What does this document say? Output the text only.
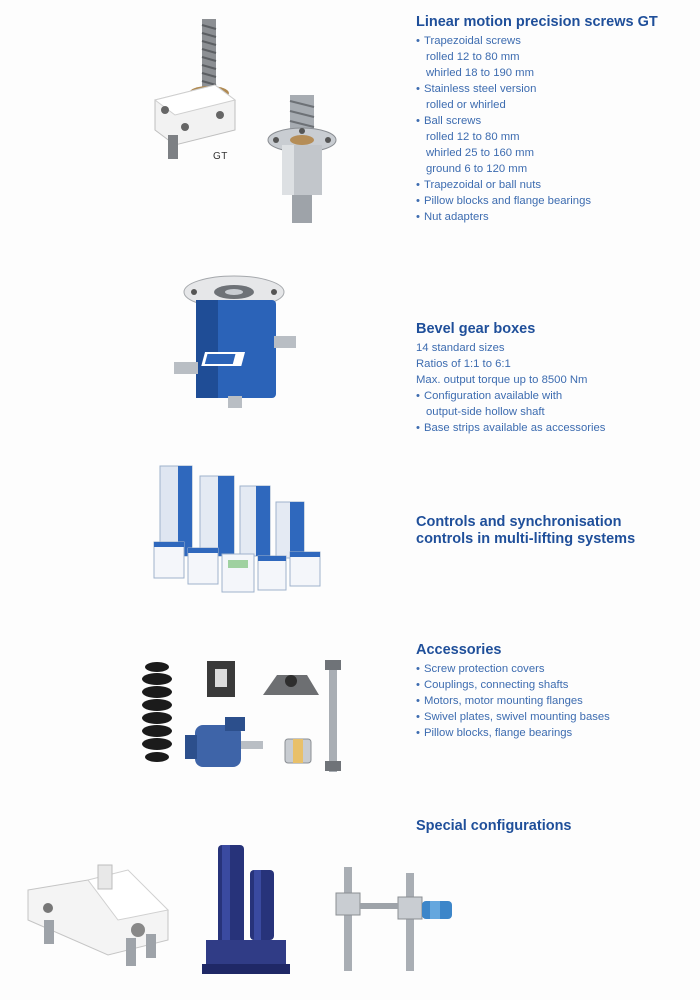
GT
Linear motion precision screws GT
• Trapezoidal screws
rolled 12 to 80 mm
whirled 18 to 190 mm
• Stainless steel version
rolled or whirled
• Ball screws
rolled 12 to 80 mm
whirled 25 to 160 mm
ground 6 to 120 mm
• Trapezoidal or ball nuts
• Pillow blocks and flange bearings
• Nut adapters
Bevel gear boxes
14 standard sizes
Ratios of 1:1 to 6:1
Max. output torque up to 8500 Nm
• Configuration available with
output-side hollow shaft
• Base strips available as accessories
Controls and synchronisation
controls in multi-lifting systems
Accessories
• Screw protection covers
• Couplings, connecting shafts
• Motors, motor mounting flanges
• Swivel plates, swivel mounting bases
• Pillow blocks, flange bearings
Special configurations
